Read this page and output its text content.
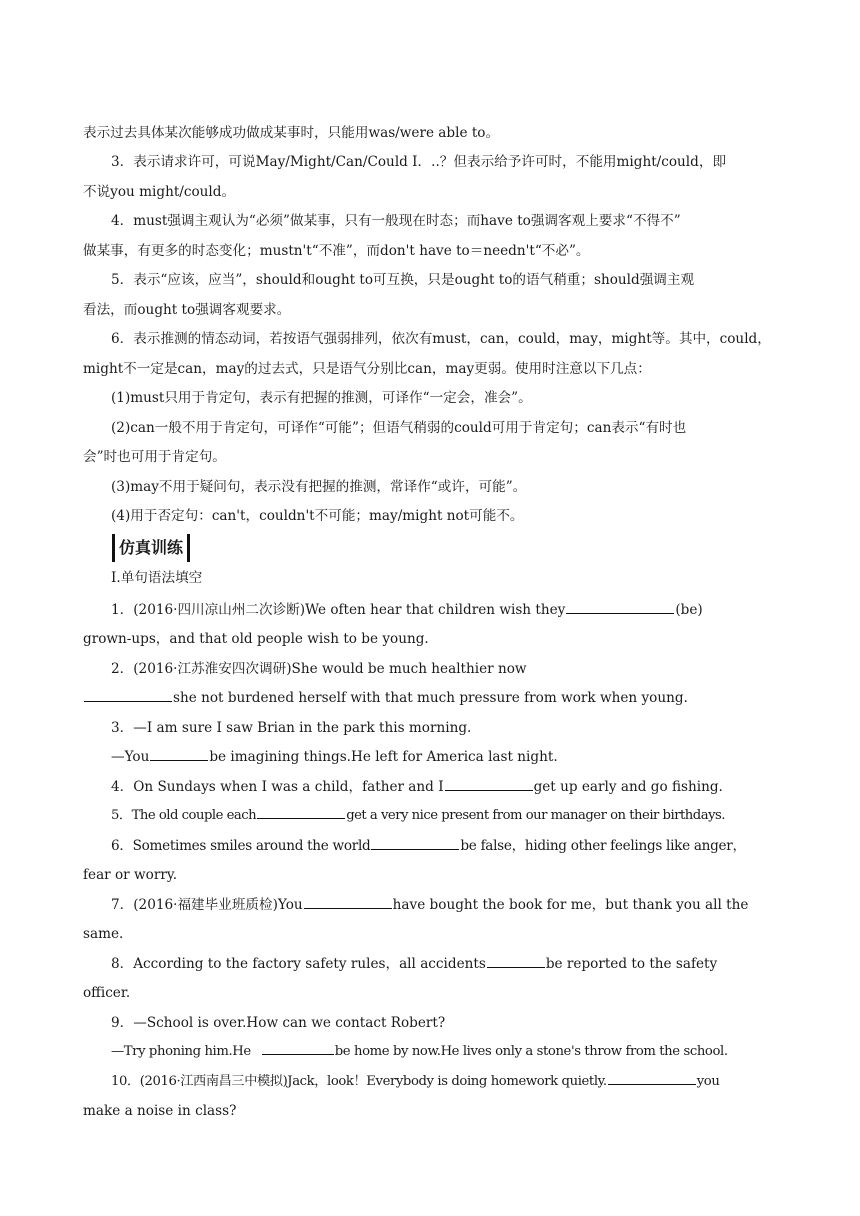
表示过去具体某次能够成功做成某事时，只能用was/were able to。
3．表示请求许可，可说May/Might/Can/Could I．..？但表示给予许可时，不能用might/could，即
不说you might/could。
4．must强调主观认为“必须”做某事，只有一般现在时态；而have to强调客观上要求“不得不”
做某事，有更多的时态变化；mustn't“不准”，而don't have to＝needn't“不必”。
5．表示“应该，应当”，should和ought to可互换，只是ought to的语气稍重；should强调主观
看法，而ought to强调客观要求。
6．表示推测的情态动词，若按语气强弱排列，依次有must，can，could，may，might等。其中，could，
might不一定是can，may的过去式，只是语气分别比can，may更弱。使用时注意以下几点：
(1)must只用于肯定句，表示有把握的推测，可译作“一定会，准会”。
(2)can一般不用于肯定句，可译作“可能”；但语气稍弱的could可用于肯定句；can表示“有时也
会”时也可用于肯定句。
(3)may不用于疑问句，表示没有把握的推测，常译作“或许，可能”。
(4)用于否定句：can't，couldn't不可能；may/might not可能不。
仿真训练
Ⅰ.单句语法填空
1．(2016·四川凉山州二次诊断)We often hear that children wish they	(be)
grown-ups，and that old people wish to be young.
2．(2016·江苏淮安四次调研)She would be much healthier now
she not burdened herself with that much pressure from work when young.
3．—I am sure I saw Brian in the park this morning.
—You	be imagining things.He left for America last night.
4．On Sundays when I was a child，father and I	get up early and go fishing.
5．The old couple each	get a very nice present from our manager on their birthdays.
6．Sometimes smiles around the world	be false，hiding other feelings like anger，
fear or worry.
7．(2016·福建毕业班质检)You	have bought the book for me，but thank you all the
same.
8．According to the factory safety rules，all accidents	be reported to the safety
officer.
9．—School is over.How can we contact Robert?
—Try phoning him.He	be home by now.He lives only a stone's throw from the school.
10．(2016·江西南昌三中模拟)Jack，look！Everybody is doing homework quietly.	you
make a noise in class?
